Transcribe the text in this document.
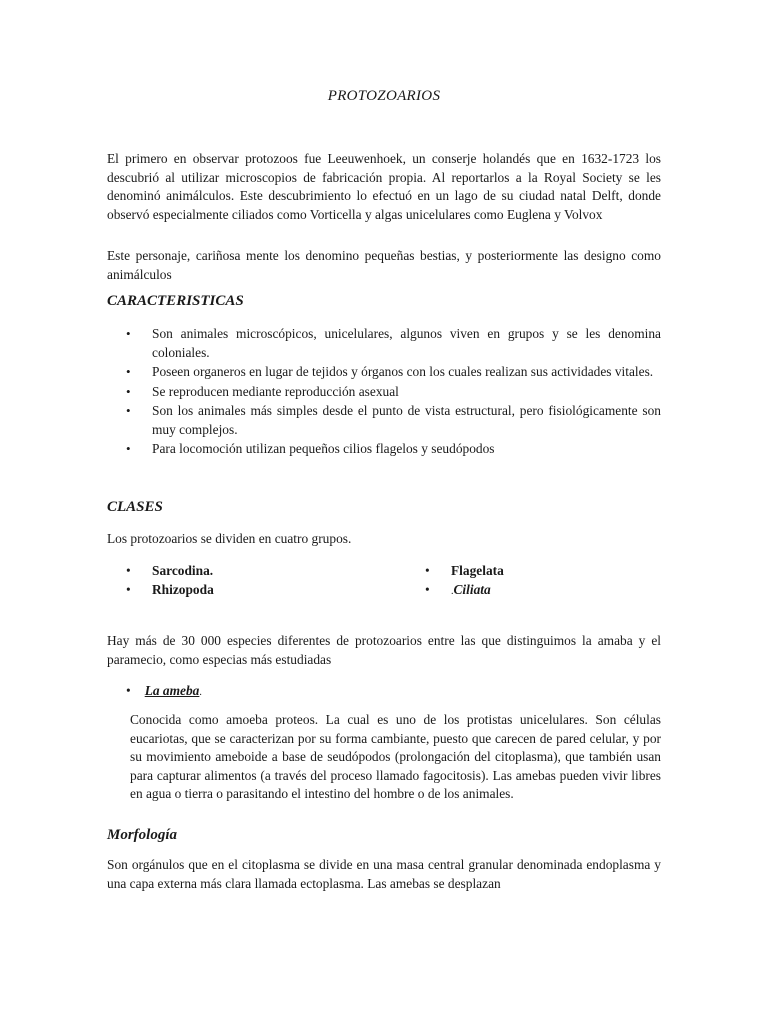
PROTOZOARIOS

El primero en observar protozoos fue Leeuwenhoek, un conserje holandés que en 1632-1723 los descubrió al utilizar microscopios de fabricación propia. Al reportarlos a la Royal Society se les denominó animálculos. Este descubrimiento lo efectuó en un lago de su ciudad natal Delft, donde observó especialmente ciliados como Vorticella y algas unicelulares como Euglena y Volvox

Este personaje, cariñosa mente los denomino pequeñas bestias, y posteriormente las designo como animálculos

CARACTERISTICAS
• Son animales microscópicos, unicelulares, algunos viven en grupos y se les denomina coloniales.
• Poseen organeros en lugar de tejidos y órganos con los cuales realizan sus actividades vitales.
• Se reproducen mediante reproducción asexual
• Son los animales más simples desde el punto de vista estructural, pero fisiológicamente son muy complejos.
• Para locomoción utilizan pequeños cilios flagelos y seudópodos
CLASES

Los protozoarios se dividen en cuatro grupos.

• Sarcodina.
• Rhizopoda
• Flagelata
• .Ciliata

Hay más de 30 000 especies diferentes de protozoarios entre las que distinguimos la amaba y el paramecio, como especias más estudiadas

• La ameba.

Conocida como amoeba proteos. La cual es uno de los protistas unicelulares. Son células eucariotas, que se caracterizan por su forma cambiante, puesto que carecen de pared celular, y por su movimiento ameboide a base de seudópodos (prolongación del citoplasma), que también usan para capturar alimentos (a través del proceso llamado fagocitosis). Las amebas pueden vivir libres en agua o tierra o parasitando el intestino del hombre o de los animales.

Morfología

Son orgánulos que en el citoplasma se divide en una masa central granular denominada endoplasma y una capa externa más clara llamada ectoplasma. Las amebas se desplazan
